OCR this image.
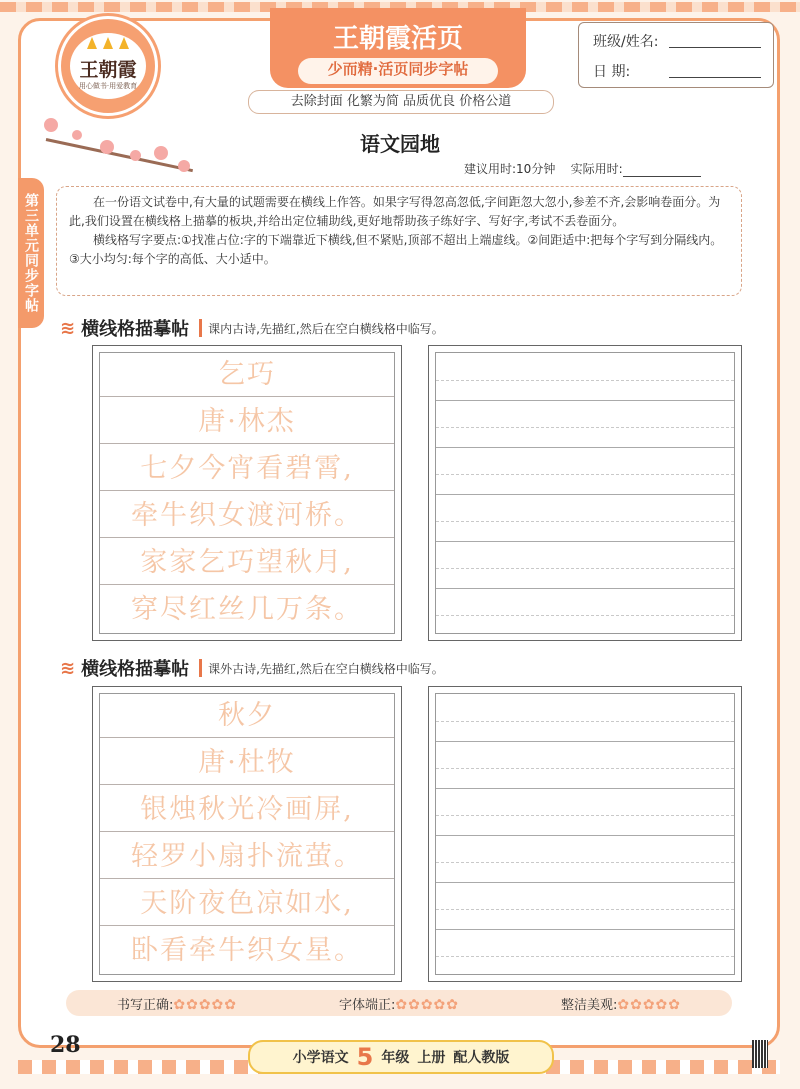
王朝霞
用心做书·用爱教育
王朝霞活页
少而精·活页同步字帖
班级/姓名:
日 期:
去除封面 化繁为简 品质优良 价格公道
语文园地
建议用时:10分钟 实际用时:
第三单元同步字帖	在一份语文试卷中,有大量的试题需要在横线上作答。如果字写得忽高忽低,字间距忽大忽小,参差不齐,会影响卷面分。为此,我们设置在横线格上描摹的板块,并给出定位辅助线,更好地帮助孩子练好字、写好字,考试不丢卷面分。

横线格写字要点:①找准占位:字的下端靠近下横线,但不紧贴,顶部不超出上端虚线。②间距适中:把每个字写到分隔线内。③大小均匀:每个字的高低、大小适中。

≋ 横线格描摹帖 课内古诗,先描红,然后在空白横线格中临写。
乞巧
唐·林杰
七夕今宵看碧霄,
牵牛织女渡河桥。
家家乞巧望秋月,
穿尽红丝几万条。
≋ 横线格描摹帖 课外古诗,先描红,然后在空白横线格中临写。
秋夕
唐·杜牧
银烛秋光冷画屏,
轻罗小扇扑流萤。
天阶夜色凉如水,
卧看牵牛织女星。
书写正确:✿✿✿✿✿	字体端正:✿✿✿✿✿	整洁美观:✿✿✿✿✿
28	小学语文 5 年级 上册 配人教版
